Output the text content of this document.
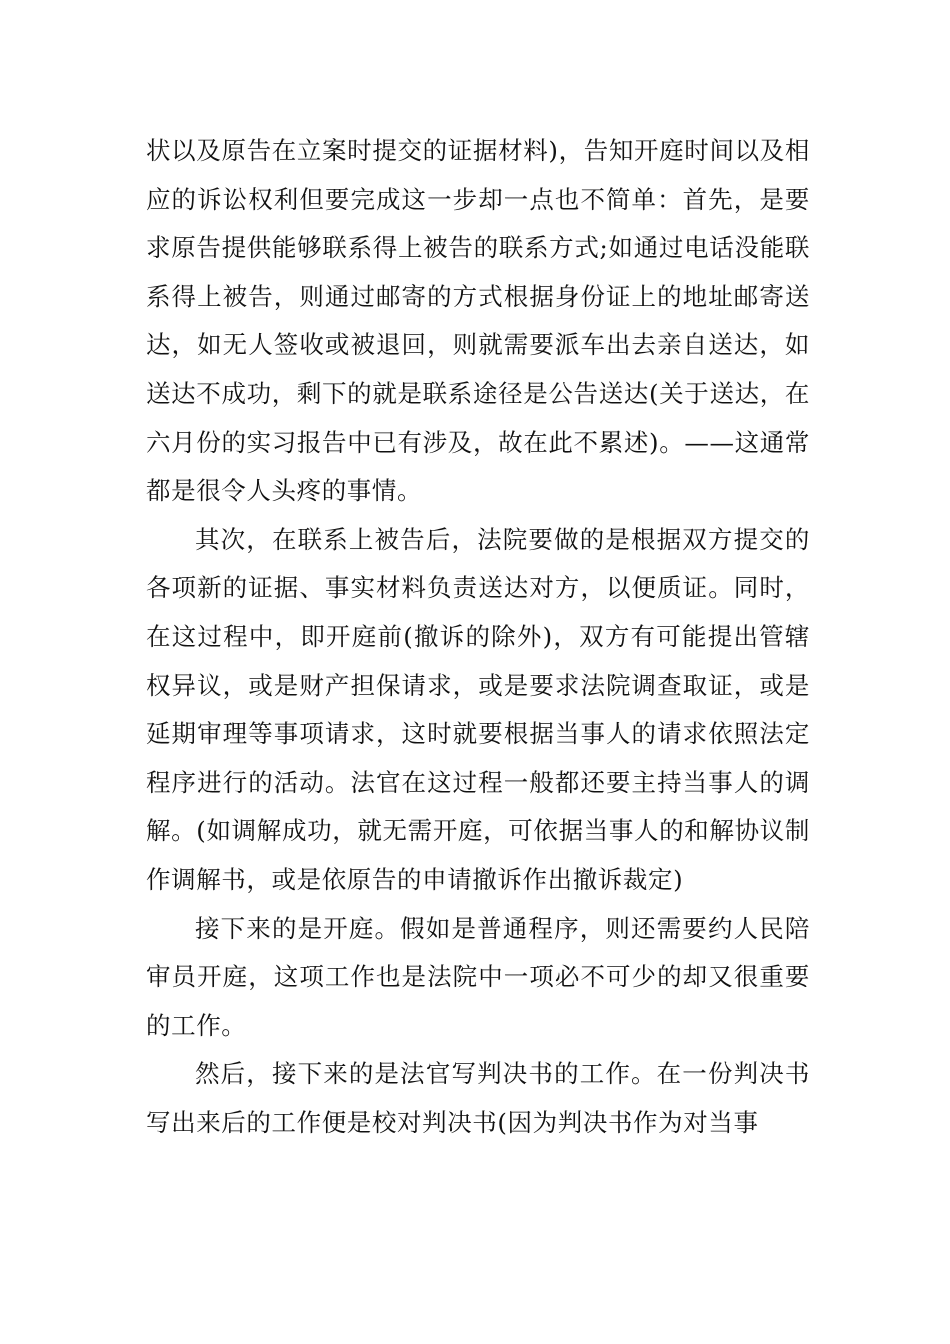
状以及原告在立案时提交的证据材料)，告知开庭时间以及相应的诉讼权利但要完成这一步却一点也不简单：首先，是要求原告提供能够联系得上被告的联系方式;如通过电话没能联系得上被告，则通过邮寄的方式根据身份证上的地址邮寄送达，如无人签收或被退回，则就需要派车出去亲自送达，如送达不成功，剩下的就是联系途径是公告送达(关于送达，在六月份的实习报告中已有涉及，故在此不累述)。——这通常都是很令人头疼的事情。

其次，在联系上被告后，法院要做的是根据双方提交的各项新的证据、事实材料负责送达对方，以便质证。同时，在这过程中，即开庭前(撤诉的除外)，双方有可能提出管辖权异议，或是财产担保请求，或是要求法院调查取证，或是延期审理等事项请求，这时就要根据当事人的请求依照法定程序进行的活动。法官在这过程一般都还要主持当事人的调解。(如调解成功，就无需开庭，可依据当事人的和解协议制作调解书，或是依原告的申请撤诉作出撤诉裁定)

接下来的是开庭。假如是普通程序，则还需要约人民陪审员开庭，这项工作也是法院中一项必不可少的却又很重要的工作。

然后，接下来的是法官写判决书的工作。在一份判决书写出来后的工作便是校对判决书(因为判决书作为对当事
